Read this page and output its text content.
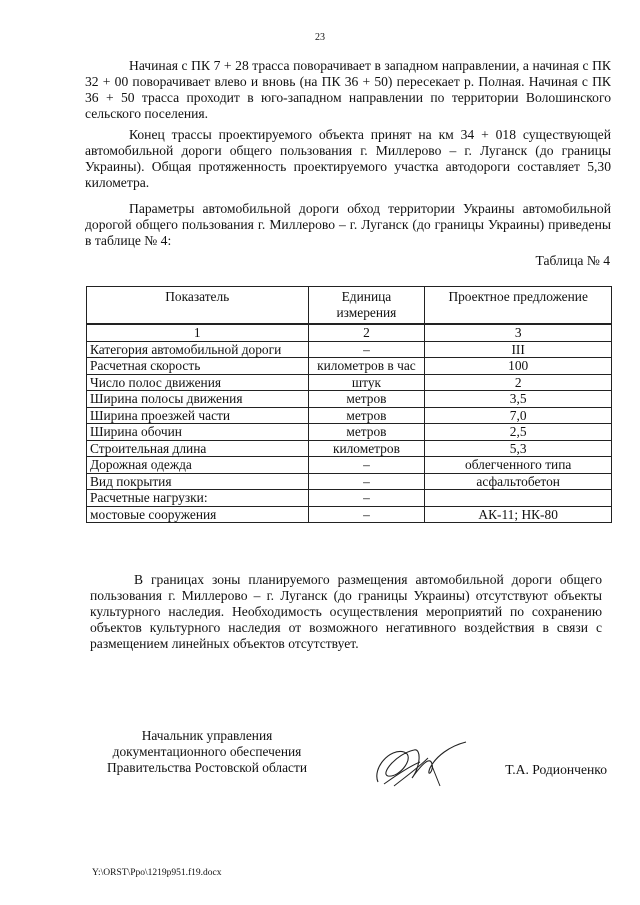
23

Начиная с ПК 7 + 28 трасса поворачивает в западном направлении, а начиная с ПК 32 + 00 поворачивает влево и вновь (на ПК 36 + 50) пересекает р. Полная. Начиная с ПК 36 + 50 трасса проходит в юго-западном направлении по территории Волошинского сельского поселения.

Конец трассы проектируемого объекта принят на км 34 + 018 существующей автомобильной дороги общего пользования г. Миллерово – г. Луганск (до границы Украины). Общая протяженность проектируемого участка автодороги составляет 5,30 километра.

Параметры автомобильной дороги обход территории Украины автомобильной дорогой общего пользования г. Миллерово – г. Луганск (до границы Украины) приведены в таблице № 4:

Таблица № 4
Показатель	Единица измерения	Проектное предложение
1	2	3
Категория автомобильной дороги	–	III
Расчетная скорость	километров в час	100
Число полос движения	штук	2
Ширина полосы движения	метров	3,5
Ширина проезжей части	метров	7,0
Ширина обочин	метров	2,5
Строительная длина	километров	5,3
Дорожная одежда	–	облегченного типа
Вид покрытия	–	асфальтобетон
Расчетные нагрузки:	–	
мостовые сооружения	–	АК-11; НК-80

В границах зоны планируемого размещения автомобильной дороги общего пользования г. Миллерово – г. Луганск (до границы Украины) отсутствуют объекты культурного наследия. Необходимость осуществления мероприятий по сохранению объектов культурного наследия от возможного негативного воздействия в связи с размещением линейных объектов отсутствует.

Начальник управления
документационного обеспечения
Правительства Ростовской области	Т.А. Родионченко
Y:\ORST\Ppo\1219p951.f19.docx
